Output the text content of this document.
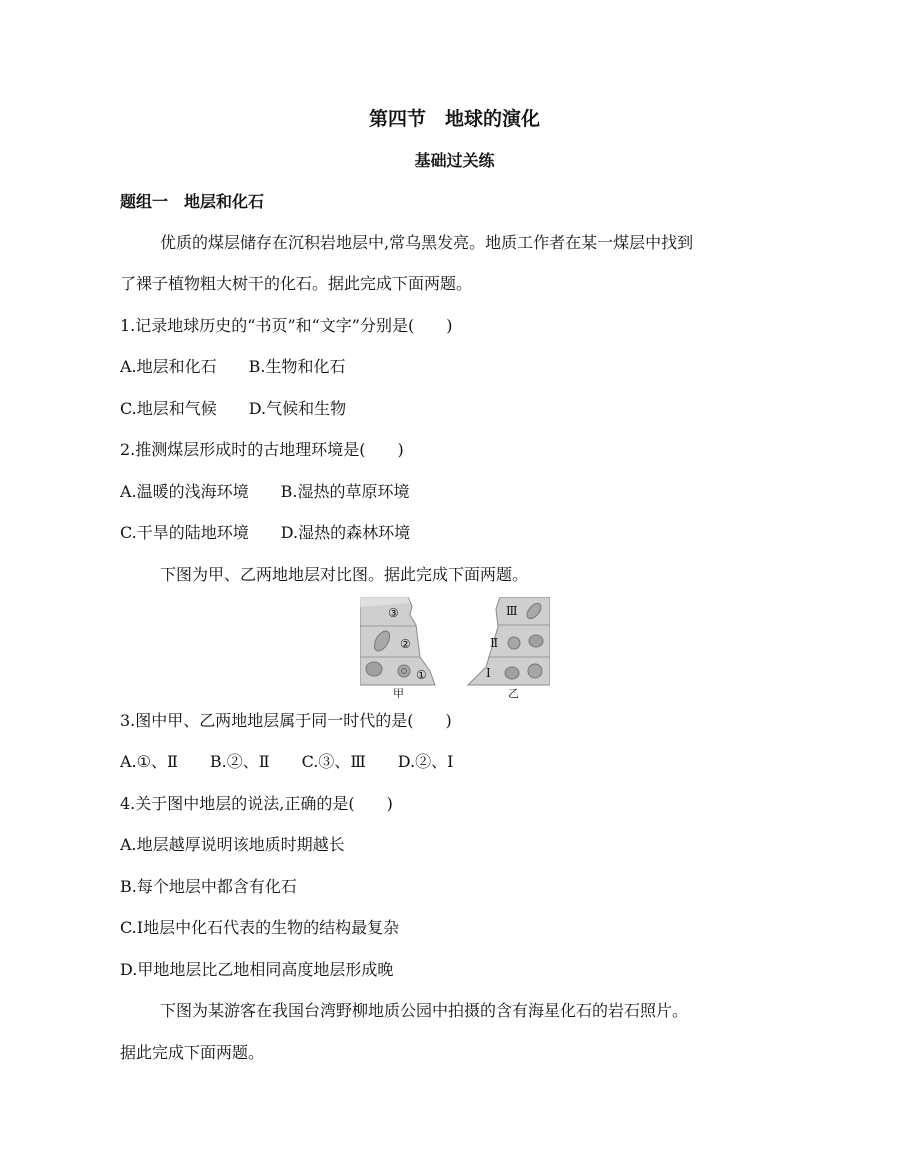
第四节　地球的演化
基础过关练
题组一　地层和化石
优质的煤层储存在沉积岩地层中,常乌黑发亮。地质工作者在某一煤层中找到
了裸子植物粗大树干的化石。据此完成下面两题。
1.记录地球历史的“书页”和“文字”分别是(　　)
A.地层和化石　　B.生物和化石
C.地层和气候　　D.气候和生物
2.推测煤层形成时的古地理环境是(　　)
A.温暖的浅海环境　　B.湿热的草原环境
C.干旱的陆地环境　　D.湿热的森林环境
下图为甲、乙两地地层对比图。据此完成下面两题。
③
②
①
甲
Ⅲ
Ⅱ
Ⅰ
乙
3.图中甲、乙两地地层属于同一时代的是(　　)
A.①、Ⅱ　　B.②、Ⅱ　　C.③、Ⅲ　　D.②、Ⅰ
4.关于图中地层的说法,正确的是(　　)
A.地层越厚说明该地质时期越长
B.每个地层中都含有化石
C.Ⅰ地层中化石代表的生物的结构最复杂
D.甲地地层比乙地相同高度地层形成晚
下图为某游客在我国台湾野柳地质公园中拍摄的含有海星化石的岩石照片。
据此完成下面两题。
